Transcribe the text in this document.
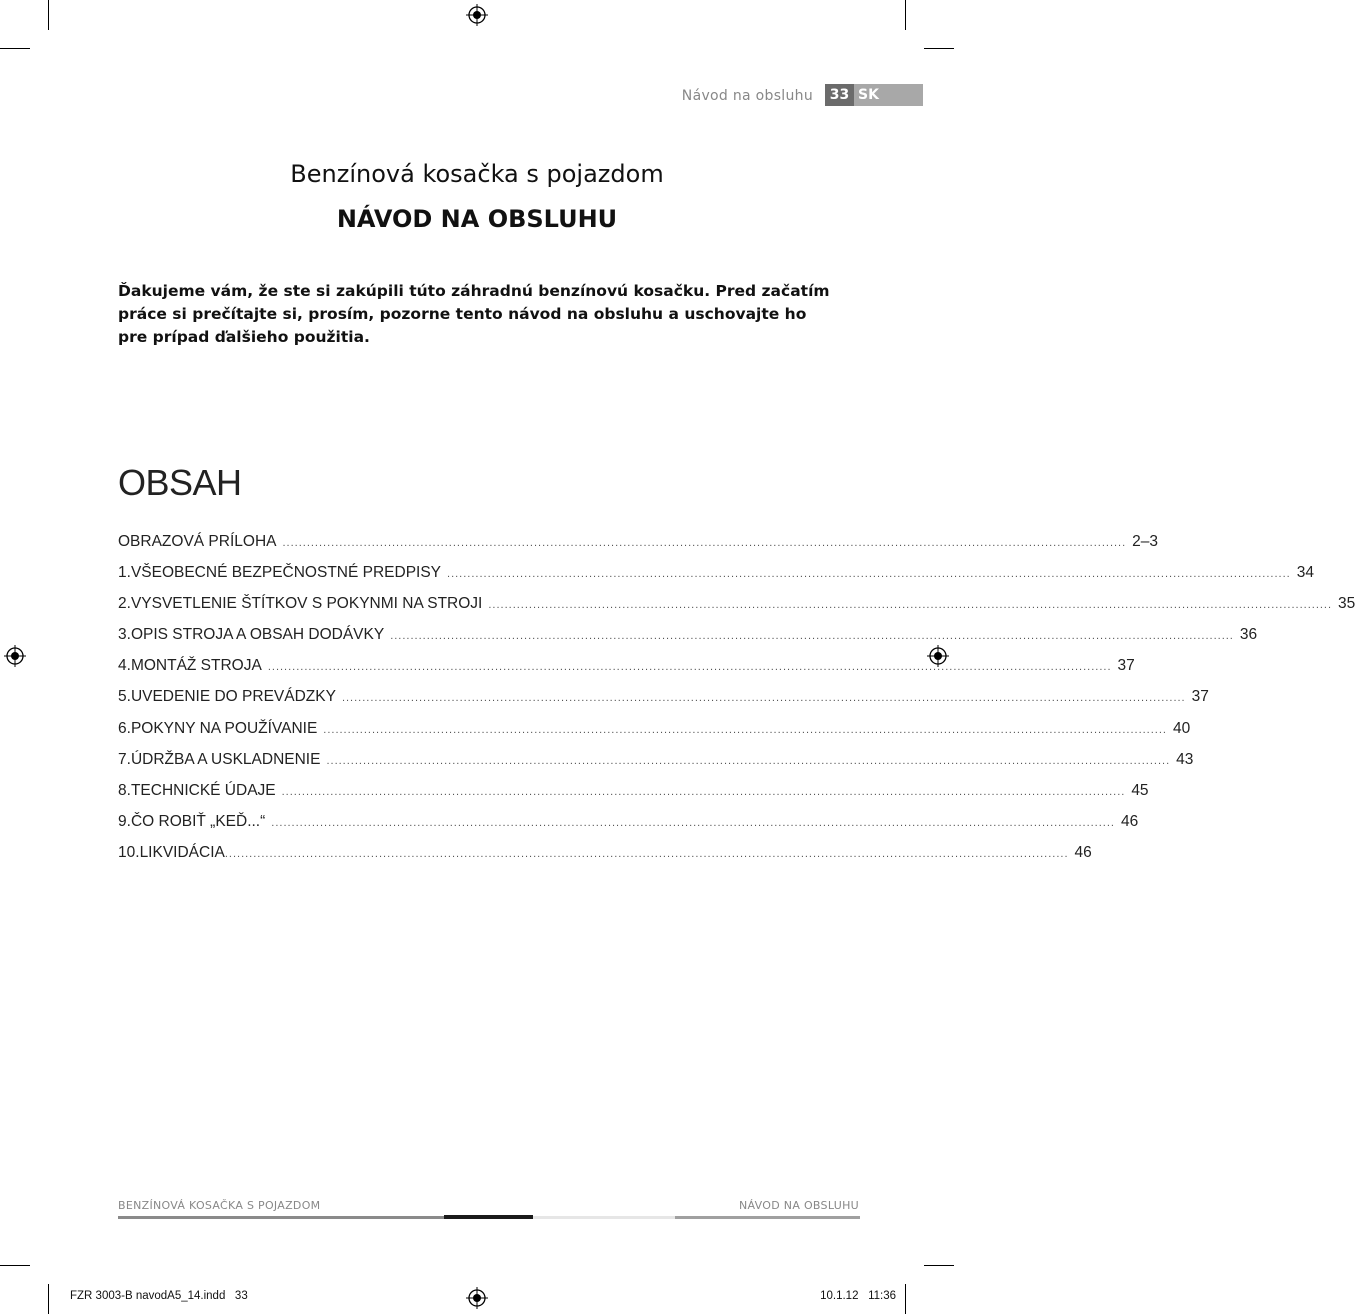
Návod na obsluhu	33 SK
Benzínová kosačka s pojazdom
NÁVOD NA OBSLUHU
Ďakujeme vám, že ste si zakúpili túto záhradnú benzínovú kosačku. Pred začatím práce si prečítajte si, prosím, pozorne tento návod na obsluhu a uschovajte ho pre prípad ďalšieho použitia.
OBSAH
OBRAZOVÁ PRÍLOHA ................................................................................................................................................................................................................ 2–3
1. VŠEOBECNÉ BEZPEČNOSTNÉ PREDPISY ................................................................................................................................................................................................................ 34
2. VYSVETLENIE ŠTÍTKOV S POKYNMI NA STROJI ................................................................................................................................................................................................................ 35
3. OPIS STROJA A OBSAH DODÁVKY ................................................................................................................................................................................................................ 36
4. MONTÁŽ STROJA ................................................................................................................................................................................................................ 37
5. UVEDENIE DO PREVÁDZKY ................................................................................................................................................................................................................ 37
6. POKYNY NA POUŽÍVANIE ................................................................................................................................................................................................................ 40
7. ÚDRŽBA A USKLADNENIE ................................................................................................................................................................................................................ 43
8. TECHNICKÉ ÚDAJE ................................................................................................................................................................................................................ 45
9. ČO ROBIŤ „KEĎ...“ ................................................................................................................................................................................................................ 46
10. LIKVIDÁCIA ................................................................................................................................................................................................................ 46
BENZÍNOVÁ KOSAČKA S POJAZDOM	NÁVOD NA OBSLUHU
FZR 3003-B navodA5_14.indd   33	10.1.12   11:36
